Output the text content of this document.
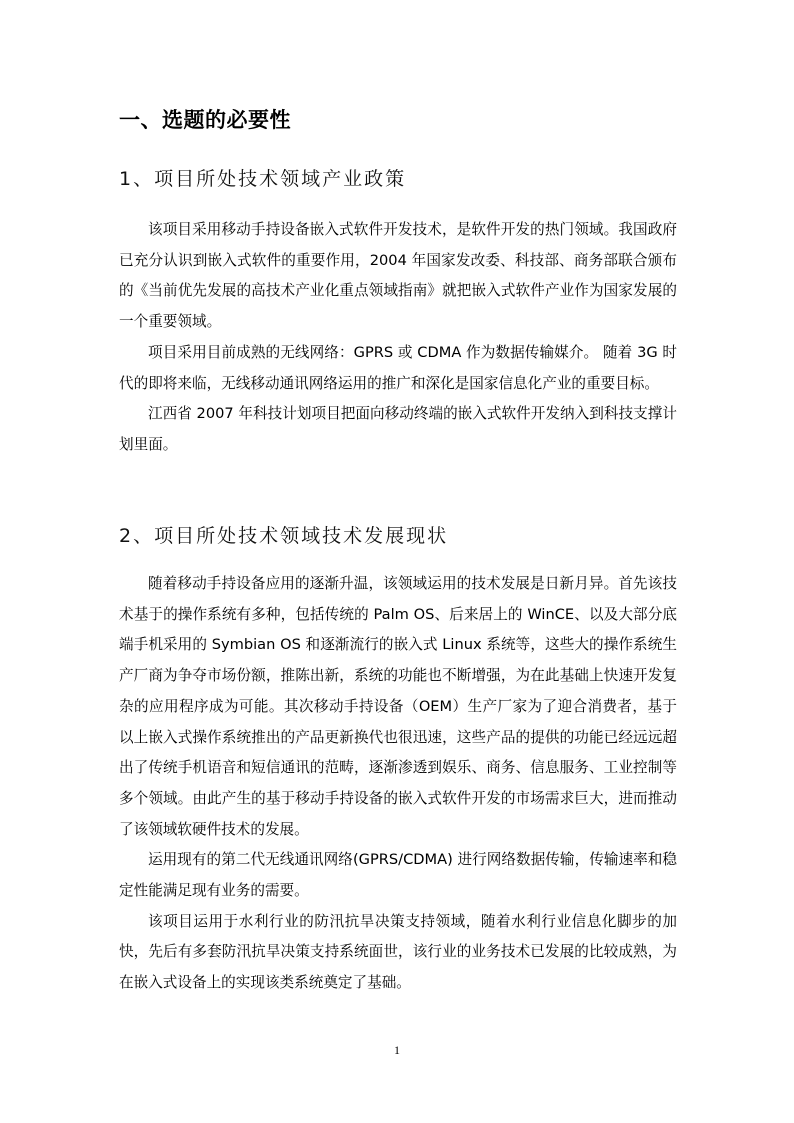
一、选题的必要性
1、项目所处技术领域产业政策

该项目采用移动手持设备嵌入式软件开发技术，是软件开发的热门领域。我国政府已充分认识到嵌入式软件的重要作用，2004 年国家发改委、科技部、商务部联合颁布的《当前优先发展的高技术产业化重点领域指南》就把嵌入式软件产业作为国家发展的一个重要领域。

项目采用目前成熟的无线网络：GPRS 或 CDMA 作为数据传输媒介。 随着 3G 时代的即将来临，无线移动通讯网络运用的推广和深化是国家信息化产业的重要目标。

江西省 2007 年科技计划项目把面向移动终端的嵌入式软件开发纳入到科技支撑计划里面。

2、项目所处技术领域技术发展现状

随着移动手持设备应用的逐渐升温，该领域运用的技术发展是日新月异。首先该技术基于的操作系统有多种，包括传统的 Palm OS、后来居上的 WinCE、以及大部分底端手机采用的 Symbian OS 和逐渐流行的嵌入式 Linux 系统等，这些大的操作系统生产厂商为争夺市场份额，推陈出新，系统的功能也不断增强，为在此基础上快速开发复杂的应用程序成为可能。其次移动手持设备（OEM）生产厂家为了迎合消费者，基于以上嵌入式操作系统推出的产品更新换代也很迅速，这些产品的提供的功能已经远远超出了传统手机语音和短信通讯的范畴，逐渐渗透到娱乐、商务、信息服务、工业控制等多个领域。由此产生的基于移动手持设备的嵌入式软件开发的市场需求巨大，进而推动了该领域软硬件技术的发展。

运用现有的第二代无线通讯网络(GPRS/CDMA) 进行网络数据传输，传输速率和稳定性能满足现有业务的需要。

该项目运用于水利行业的防汛抗旱决策支持领域，随着水利行业信息化脚步的加快，先后有多套防汛抗旱决策支持系统面世，该行业的业务技术已发展的比较成熟，为在嵌入式设备上的实现该类系统奠定了基础。

1
